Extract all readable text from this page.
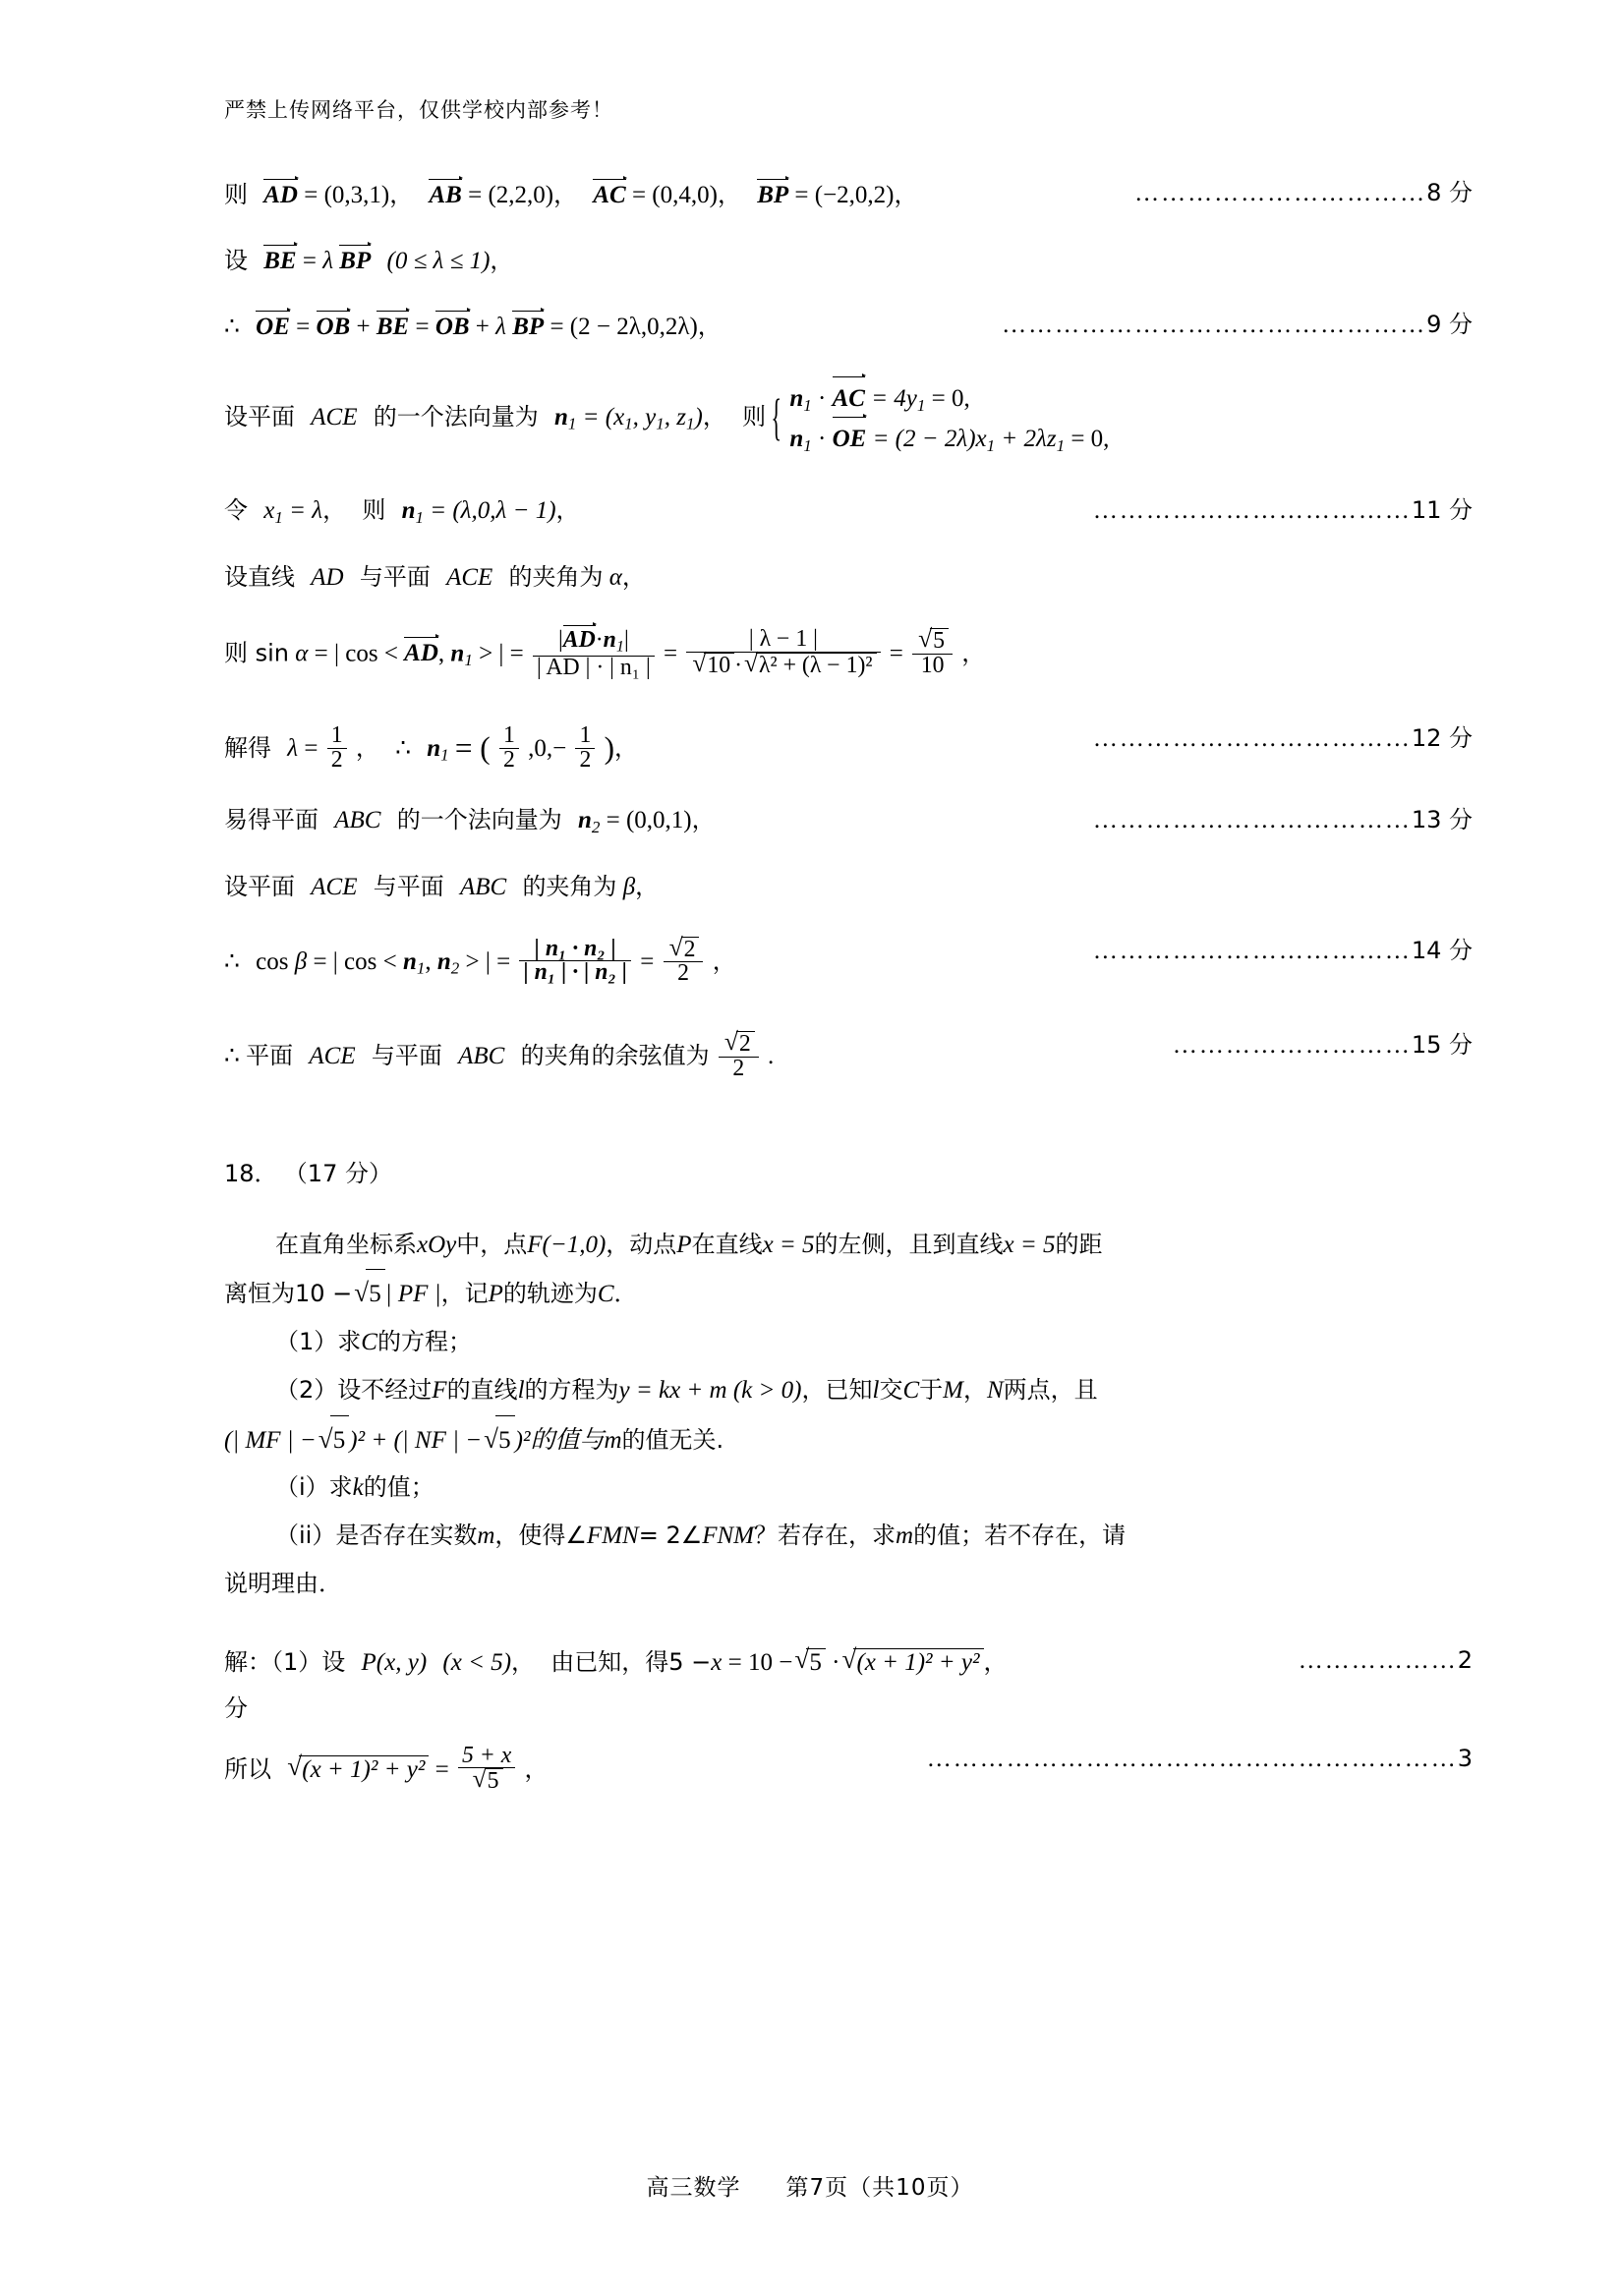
严禁上传网络平台，仅供学校内部参考！
则 AD = (0,3,1)， AB = (2,2,0)， AC = (0,4,0)， BP = (−2,0,2)，	……………………………8 分
设 BE = λ BP (0 ≤ λ ≤ 1)，
∴ OE = OB + BE = OB + λ BP = (2 − 2λ,0,2λ)，	…………………………………………9 分
设平面 ACE 的一个法向量为 $n_1 = (x_1$, $y_1$, $z_1$)， 则
{ $n_1$ · AC = $4y_1 = 0$,
$n_1$ · OE = $(2 - 2\lambda)x_1 + 2\lambda z_1 = 0$,
令 $x_1 = \lambda$， 则 $n_1 = (\lambda,0,\lambda - 1)$，	………………………………11 分
设直线 AD 与平面 ACE 的夹角为 α，
则 sin α = | cos < AD, $n_1$ > | = $\frac{|AD\cdot n_1|}{\text{| AD | · | n₁ |}}$ = | λ − 1 |
√ 10 · √ λ² + (λ − 1)² = √ $\frac{5}{10}$ ，
解得 $\lambda = \frac{1}{2}$ ， ∴ $n_1$ = ( $\frac{1}{2} ,0,- \frac{1}{2}$ )，	………………………………12 分
易得平面 ABC 的一个法向量为 $n_2 = (0,0,1)$，	………………………………13 分
设平面 ACE 与平面 ABC 的夹角为 β，
∴ cos β = | $\cos < n_1$, $n_2$ > | = $\frac{\text{| n₁ · n₂ |}}{\text{| n₁ | · | n₂ |}}$ = √ $\frac{2}{2}$ ，	………………………………14 分
∴ 平面 ACE 与平面 ABC 的夹角的余弦值为 √ $\frac{2}{2}$ .	………………………15 分
18． （17 分）
在直角坐标系xOy中，点F(−1,0)，动点P在直线x = 5的左侧，且到直线x = 5的距
离恒为10 − √ 5 | PF |，记P的轨迹为C．
（1）求C的方程；
（2）设不经过F的直线l的方程为y = kx + m (k > 0)，已知l交C于M，N两点，且
(| MF | − √ 5 )² + (| NF | − √ 5 )²的值与m的值无关.
（i）求k的值；
（ii）是否存在实数m，使得∠FMN= 2∠FNM？若存在，求m的值；若不存在，请
说明理由．
解：（1）设 P(x, y) (x < 5)， 由已知，得5 −x = 10 − √ 5 · √ (x + 1)² + y² ，	………………2
分
所以 √ (x + 1)² + y² = 5 + x
√ 5 ，	……………………………………………………3
高三数学 第7页（共10页）
